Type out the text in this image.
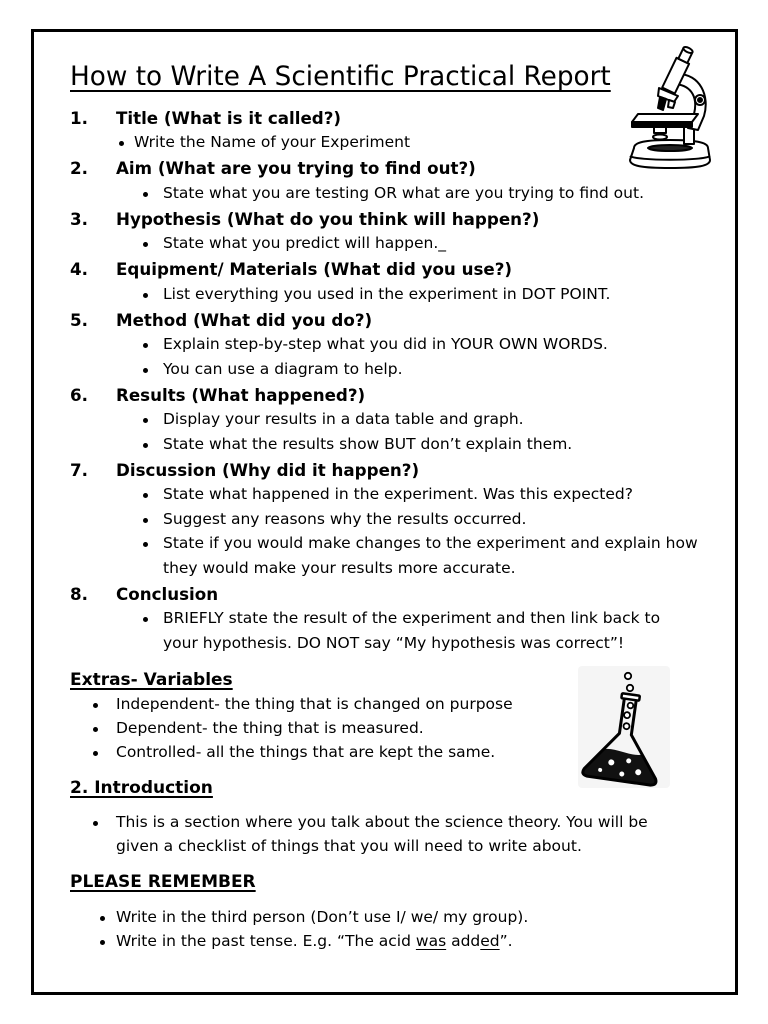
How to Write A Scientific Practical Report
1. Title (What is it called?)
Write the Name of your Experiment
2. Aim (What are you trying to find out?)
State what you are testing OR what are you trying to find out.
3. Hypothesis (What do you think will happen?)
State what you predict will happen._
4. Equipment/ Materials (What did you use?)
List everything you used in the experiment in DOT POINT.
5. Method (What did you do?)
Explain step-by-step what you did in YOUR OWN WORDS.
You can use a diagram to help.
6. Results (What happened?)
Display your results in a data table and graph.
State what the results show BUT don’t explain them.
7. Discussion (Why did it happen?)
State what happened in the experiment. Was this expected?
Suggest any reasons why the results occurred.
State if you would make changes to the experiment and explain how
they would make your results more accurate.
8. Conclusion
BRIEFLY state the result of the experiment and then link back to
your hypothesis. DO NOT say “My hypothesis was correct”!
Extras- Variables
Independent- the thing that is changed on purpose
Dependent- the thing that is measured.
Controlled- all the things that are kept the same.
2. Introduction
This is a section where you talk about the science theory. You will be
given a checklist of things that you will need to write about.
PLEASE REMEMBER
Write in the third person (Don’t use I/ we/ my group).
Write in the past tense. E.g. “The acid was added”.
